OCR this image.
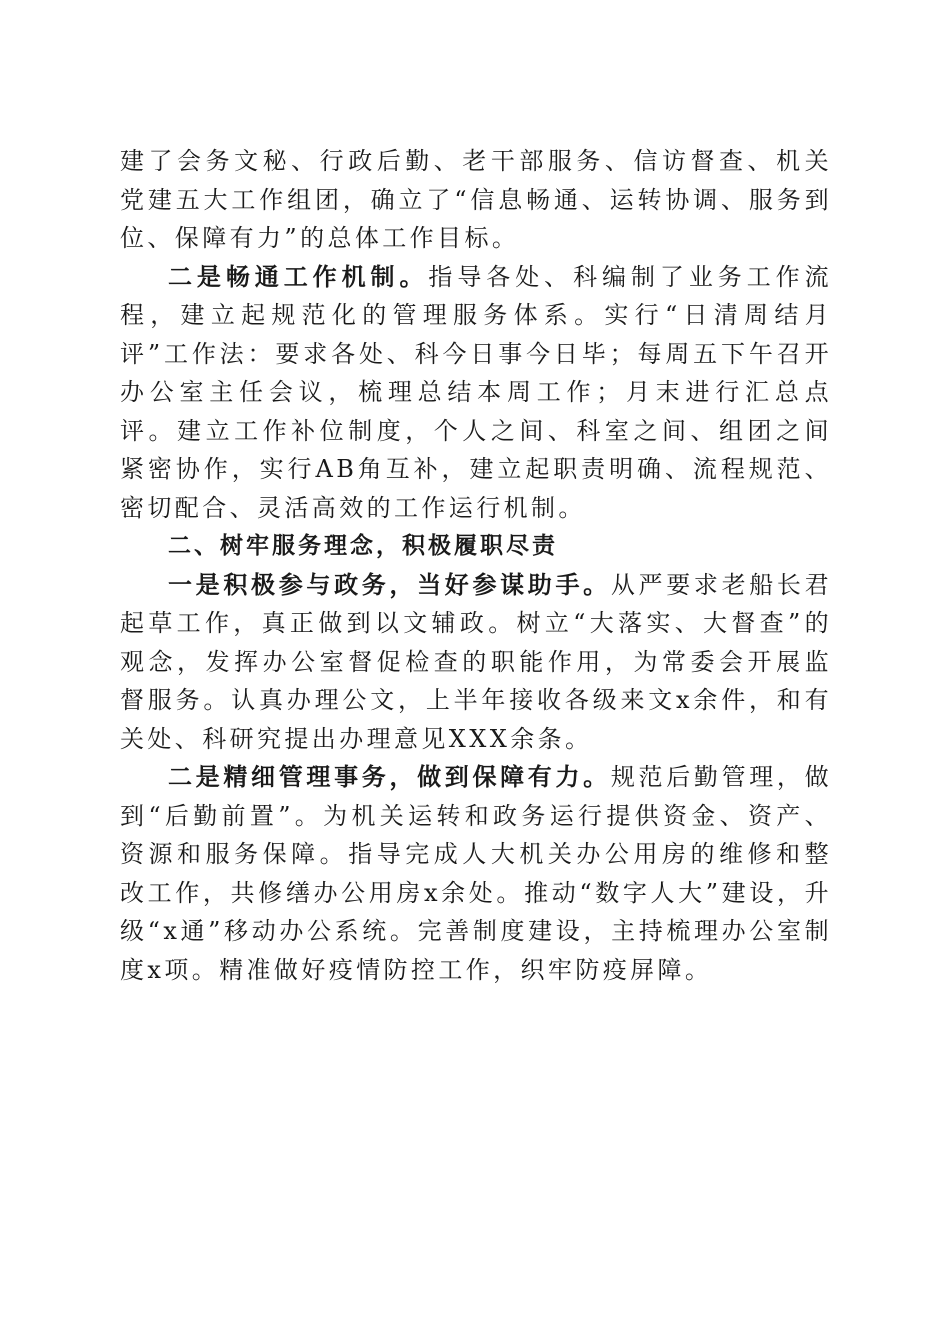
建了会务文秘、行政后勤、老干部服务、信访督查、机关党建五大工作组团，确立了“信息畅通、运转协调、服务到位、保障有力”的总体工作目标。

二是畅通工作机制。指导各处、科编制了业务工作流程，建立起规范化的管理服务体系。实行“日清周结月评”工作法：要求各处、科今日事今日毕；每周五下午召开办公室主任会议，梳理总结本周工作；月末进行汇总点评。建立工作补位制度，个人之间、科室之间、组团之间紧密协作，实行AB角互补，建立起职责明确、流程规范、密切配合、灵活高效的工作运行机制。

二、树牢服务理念，积极履职尽责

一是积极参与政务，当好参谋助手。从严要求老船长君起草工作，真正做到以文辅政。树立“大落实、大督查”的观念，发挥办公室督促检查的职能作用，为常委会开展监督服务。认真办理公文，上半年接收各级来文x余件，和有关处、科研究提出办理意见XXX余条。

二是精细管理事务，做到保障有力。规范后勤管理，做到“后勤前置”。为机关运转和政务运行提供资金、资产、资源和服务保障。指导完成人大机关办公用房的维修和整改工作，共修缮办公用房x余处。推动“数字人大”建设，升级“x通”移动办公系统。完善制度建设，主持梳理办公室制度x项。精准做好疫情防控工作，织牢防疫屏障。
